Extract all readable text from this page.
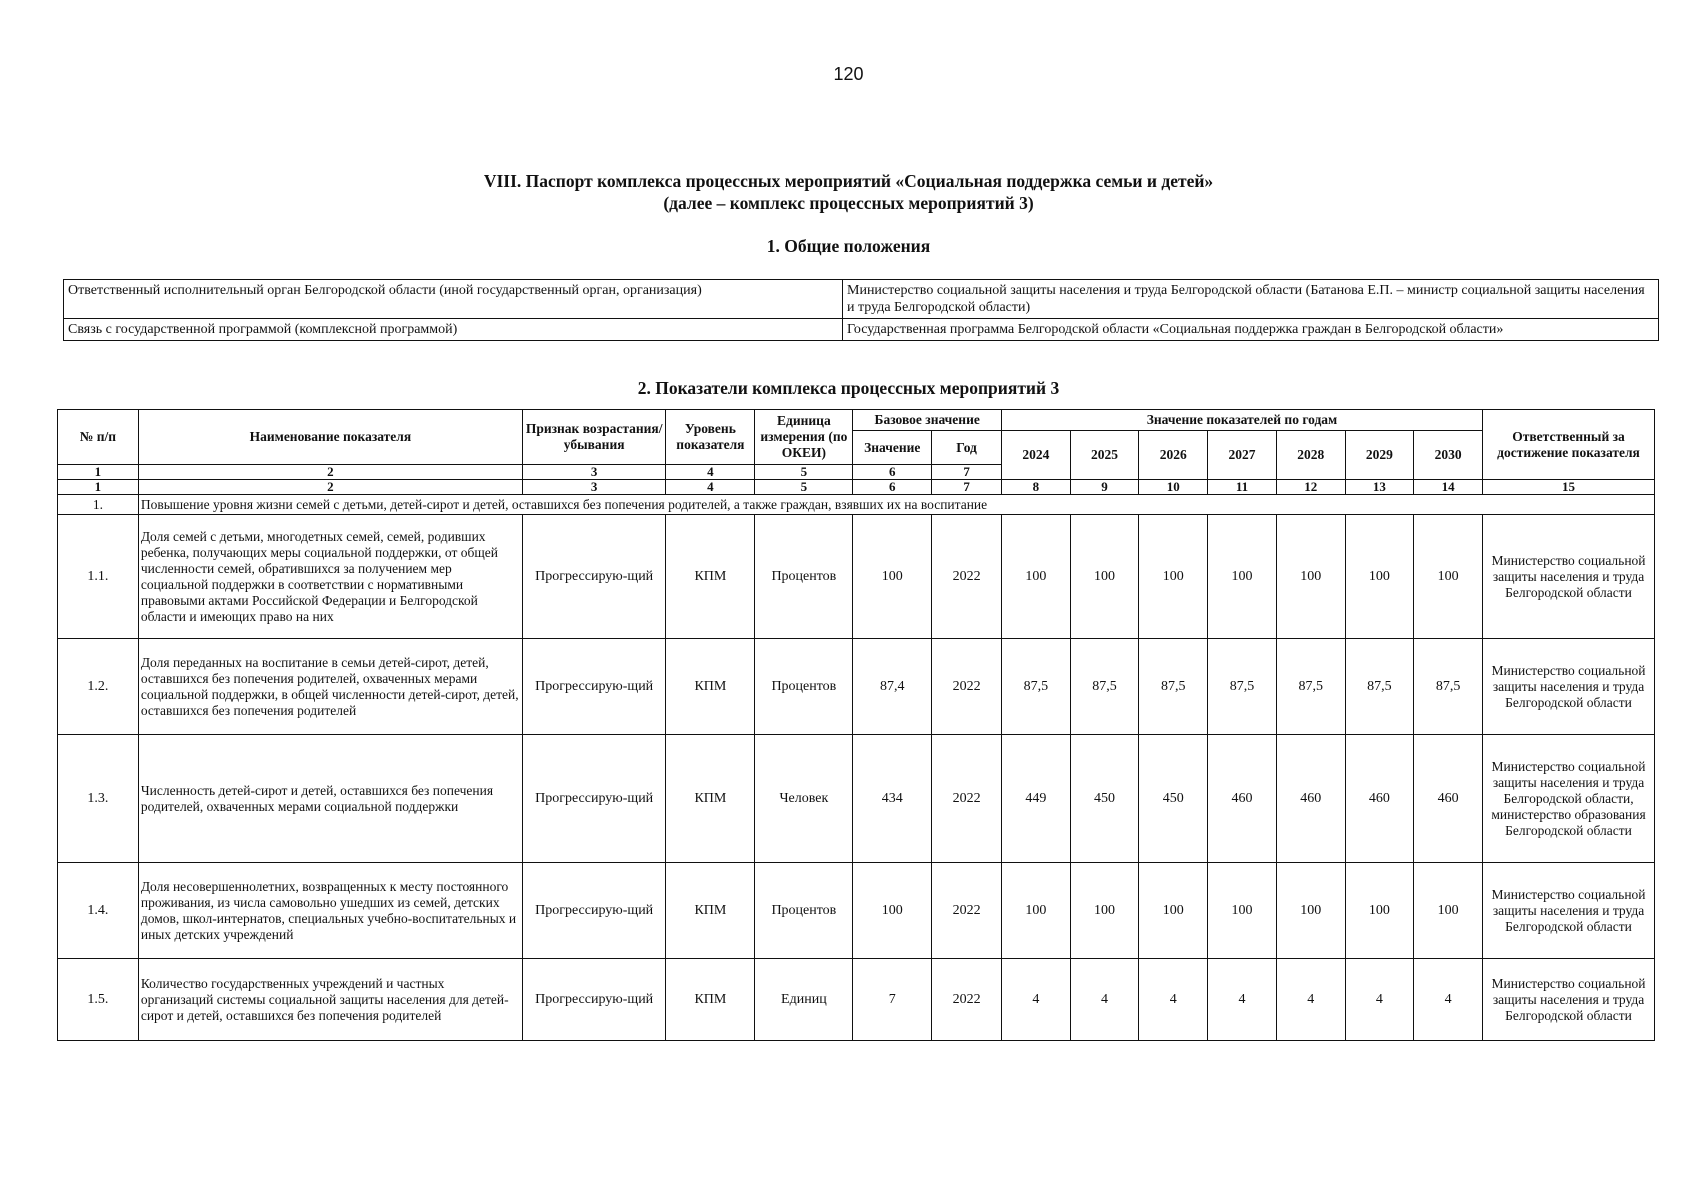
120
VIII. Паспорт комплекса процессных мероприятий «Социальная поддержка семьи и детей»
(далее – комплекс процессных мероприятий 3)
1. Общие положения
Ответственный исполнительный орган Белгородской области (иной государственный орган, организация)	Министерство социальной защиты населения и труда Белгородской области (Батанова Е.П. – министр социальной защиты населения и труда Белгородской области)
Связь с государственной программой (комплексной программой)	Государственная программа Белгородской области «Социальная поддержка граждан в Белгородской области»
2. Показатели комплекса процессных мероприятий 3
№ п/п	Наименование показателя	Признак возрастания/ убывания	Уровень показателя	Единица измерения (по ОКЕИ)	Базовое значение		Значение показателей по годам							Ответственный за достижение показателя
					Значение	Год	2024	2025	2026	2027	2028	2029	2030	
1	2	3	4	5	6	7								
1	2	3	4	5	6	7	8	9	10	11	12	13	14	15
1.	Повышение уровня жизни семей с детьми, детей-сирот и детей, оставшихся без попечения родителей, а также граждан, взявших их на воспитание													
1.1.	Доля семей с детьми, многодетных семей, семей, родивших ребенка, получающих меры социальной поддержки, от общей численности семей, обратившихся за получением мер социальной поддержки в соответствии с нормативными правовыми актами Российской Федерации и Белгородской области и имеющих право на них	Прогрессирую-щий	КПМ	Процентов	100	2022	100	100	100	100	100	100	100	Министерство социальной защиты населения и труда Белгородской области
1.2.	Доля переданных на воспитание в семьи детей-сирот, детей, оставшихся без попечения родителей, охваченных мерами социальной поддержки, в общей численности детей-сирот, детей, оставшихся без попечения родителей	Прогрессирую-щий	КПМ	Процентов	87,4	2022	87,5	87,5	87,5	87,5	87,5	87,5	87,5	Министерство социальной защиты населения и труда Белгородской области
1.3.	Численность детей-сирот и детей, оставшихся без попечения родителей, охваченных мерами социальной поддержки	Прогрессирую-щий	КПМ	Человек	434	2022	449	450	450	460	460	460	460	Министерство социальной защиты населения и труда Белгородской области, министерство образования Белгородской области
1.4.	Доля несовершеннолетних, возвращенных к месту постоянного проживания, из числа самовольно ушедших из семей, детских домов, школ-интернатов, специальных учебно-воспитательных и иных детских учреждений	Прогрессирую-щий	КПМ	Процентов	100	2022	100	100	100	100	100	100	100	Министерство социальной защиты населения и труда Белгородской области
1.5.	Количество государственных учреждений и частных организаций системы социальной защиты населения для детей-сирот и детей, оставшихся без попечения родителей	Прогрессирую-щий	КПМ	Единиц	7	2022	4	4	4	4	4	4	4	Министерство социальной защиты населения и труда Белгородской области
